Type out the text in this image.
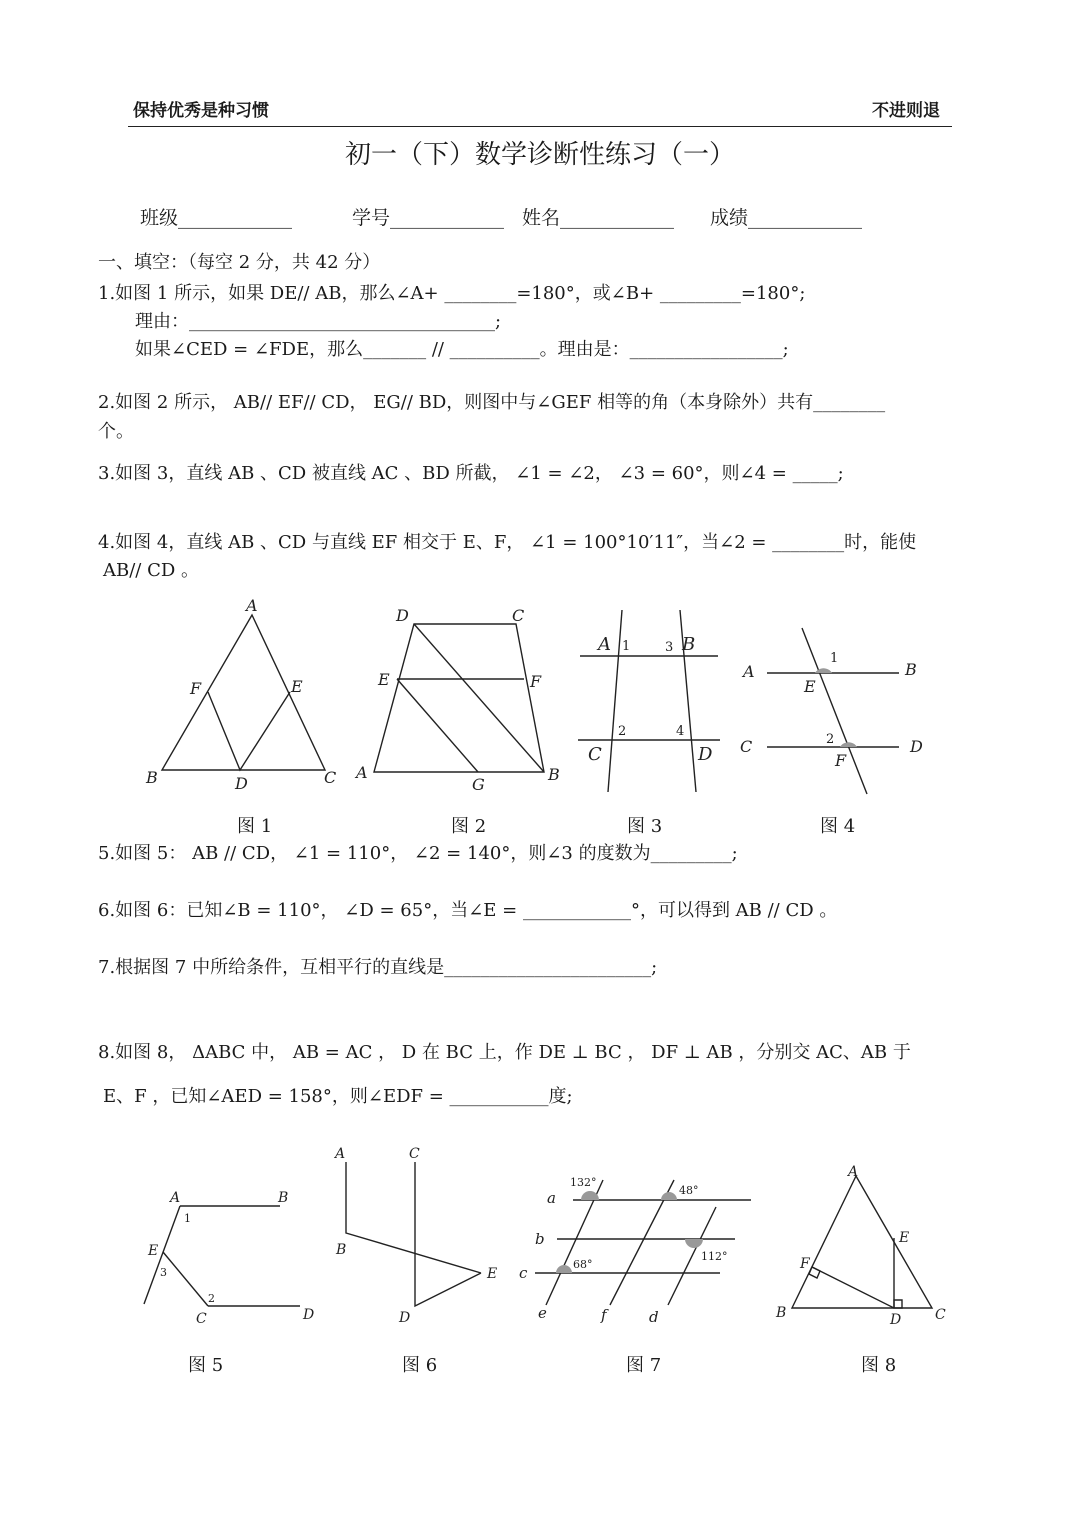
保持优秀是种习惯	不进则退
初一（下）数学诊断性练习（一）
班级____________	学号____________ 姓名____________ 成绩____________
一、填空：（每空 2 分，共 42 分）
1.如图 1 所示，如果 DE// AB，那么∠A+ ________=180°，或∠B+ _________=180°;
理由：__________________________________;
如果∠CED = ∠FDE，那么_______ // __________。理由是：_________________;
2.如图 2 所示， AB// EF// CD， EG// BD，则图中与∠GEF 相等的角（本身除外）共有________
个。
3.如图 3，直线 AB 、CD 被直线 AC 、BD 所截， ∠1 = ∠2， ∠3 = 60°，则∠4 = _____;
4.如图 4，直线 AB 、CD 与直线 EF 相交于 E、F， ∠1 = 100°10′11″，当∠2 = ________时，能使
AB// CD 。
A
F	E
B	D	C
图 1
D	C
E	F
A
G
B
图 2
A 1	3 B
2	4
C	D
图 3
1
A	B
E
2
C	D
F
图 4
5.如图 5： AB // CD， ∠1 = 110°， ∠2 = 140°，则∠3 的度数为_________;
6.如图 6：已知∠B = 110°， ∠D = 65°，当∠E = ____________°，可以得到 AB // CD 。
7.根据图 7 中所给条件，互相平行的直线是_______________________;
8.如图 8， ΔABC 中， AB = AC ， D 在 BC 上，作 DE ⊥ BC ， DF ⊥ AB ，分别交 AC、AB 于
E、F ，已知∠AED = 158°，则∠EDF = ___________度;
A	B
1
E
3
2
C	D
图 5
A	C
B
E
D
图 6
132°
48°
a
b
112°
68°
c
e	f	d
图 7
A
E
F
B	D C
图 8
